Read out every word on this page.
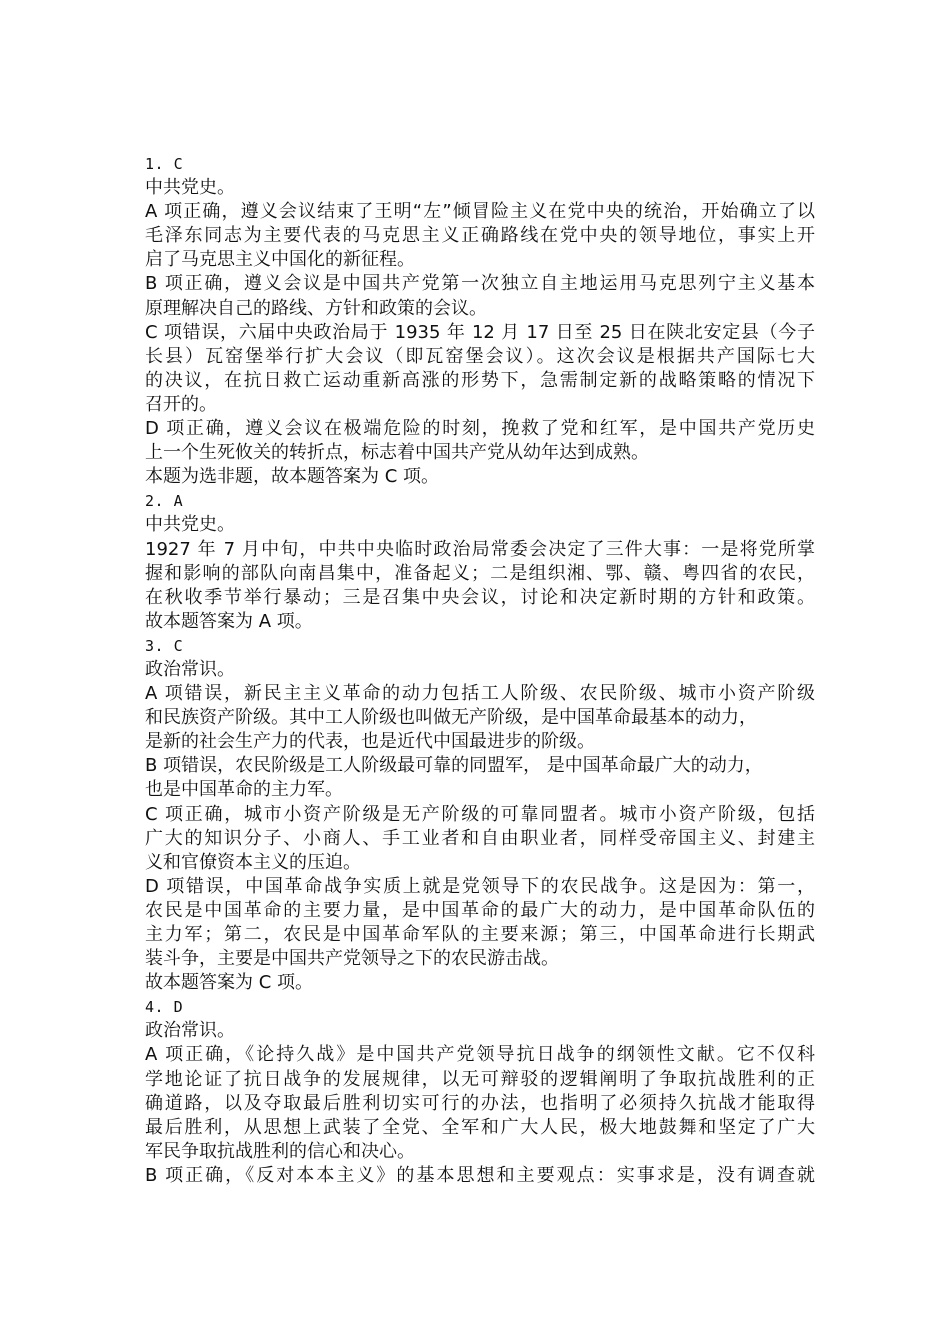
1. C
中共党史。
A 项正确，遵义会议结束了王明“左”倾冒险主义在党中央的统治，开始确立了以
毛泽东同志为主要代表的马克思主义正确路线在党中央的领导地位，事实上开
启了马克思主义中国化的新征程。
B 项正确，遵义会议是中国共产党第一次独立自主地运用马克思列宁主义基本
原理解决自己的路线、方针和政策的会议。
C 项错误，六届中央政治局于 1935 年 12 月 17 日至 25 日在陕北安定县（今子
长县）瓦窑堡举行扩大会议（即瓦窑堡会议）。这次会议是根据共产国际七大
的决议，在抗日救亡运动重新高涨的形势下，急需制定新的战略策略的情况下
召开的。
D 项正确，遵义会议在极端危险的时刻，挽救了党和红军，是中国共产党历史
上一个生死攸关的转折点，标志着中国共产党从幼年达到成熟。
本题为选非题，故本题答案为 C 项。
2. A
中共党史。
1927 年 7 月中旬，中共中央临时政治局常委会决定了三件大事：一是将党所掌
握和影响的部队向南昌集中，准备起义；二是组织湘、鄂、赣、粤四省的农民，
在秋收季节举行暴动；三是召集中央会议，讨论和决定新时期的方针和政策。
故本题答案为 A 项。
3. C
政治常识。
A 项错误，新民主主义革命的动力包括工人阶级、农民阶级、城市小资产阶级
和民族资产阶级。其中工人阶级也叫做无产阶级，是中国革命最基本的动力，
是新的社会生产力的代表，也是近代中国最进步的阶级。
B 项错误，农民阶级是工人阶级最可靠的同盟军， 是中国革命最广大的动力，
也是中国革命的主力军。
C 项正确，城市小资产阶级是无产阶级的可靠同盟者。城市小资产阶级，包括
广大的知识分子、小商人、手工业者和自由职业者，同样受帝国主义、封建主
义和官僚资本主义的压迫。
D 项错误，中国革命战争实质上就是党领导下的农民战争。这是因为：第一，
农民是中国革命的主要力量，是中国革命的最广大的动力，是中国革命队伍的
主力军；第二，农民是中国革命军队的主要来源；第三，中国革命进行长期武
装斗争，主要是中国共产党领导之下的农民游击战。
故本题答案为 C 项。
4. D
政治常识。
A 项正确，《论持久战》是中国共产党领导抗日战争的纲领性文献。它不仅科
学地论证了抗日战争的发展规律，以无可辩驳的逻辑阐明了争取抗战胜利的正
确道路，以及夺取最后胜利切实可行的办法，也指明了必须持久抗战才能取得
最后胜利，从思想上武装了全党、全军和广大人民，极大地鼓舞和坚定了广大
军民争取抗战胜利的信心和决心。
B 项正确，《反对本本主义》的基本思想和主要观点：实事求是，没有调查就
